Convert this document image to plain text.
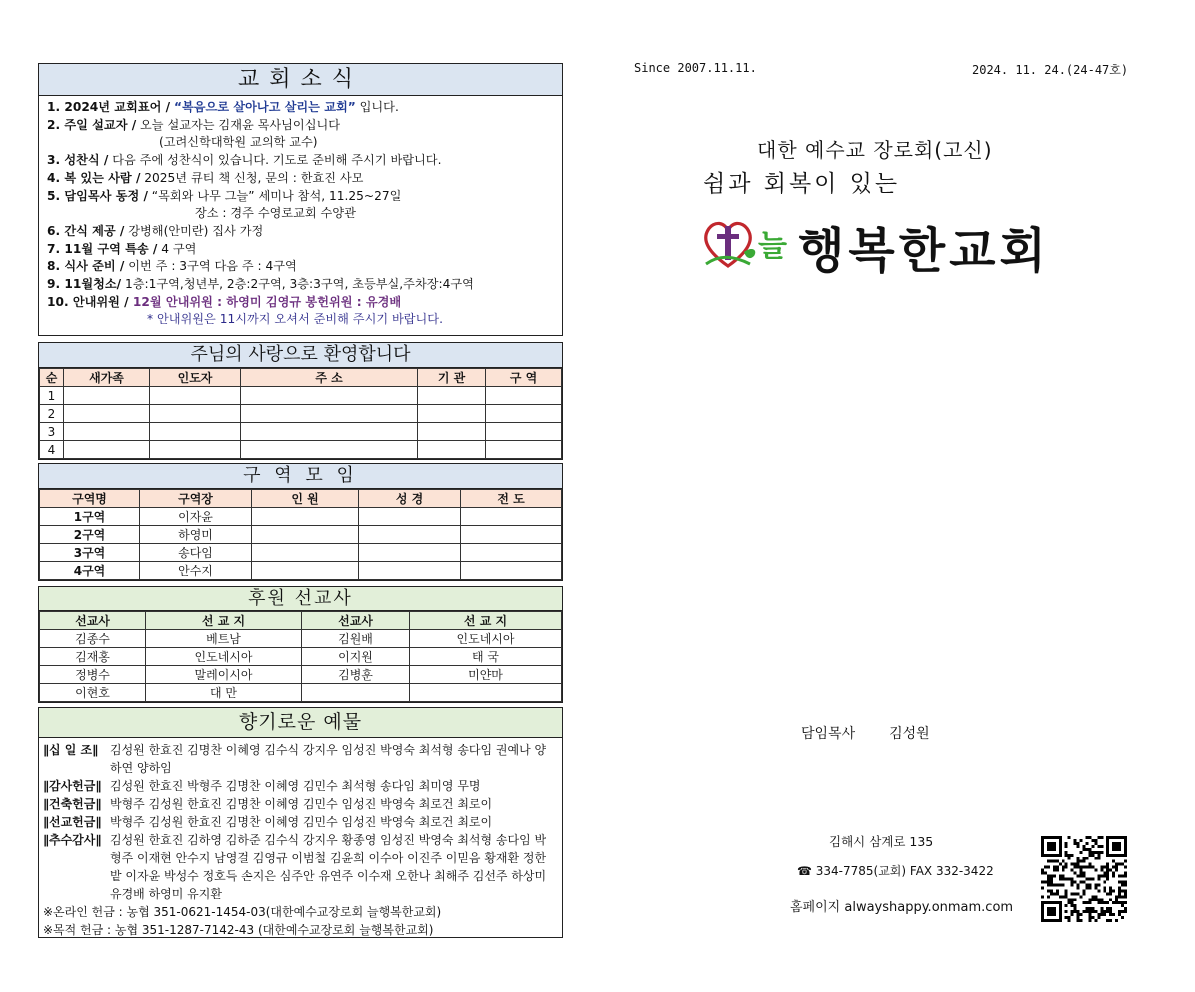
교회소식
1. 2024년 교회표어 / “복음으로 살아나고 살리는 교회” 입니다.
2. 주일 설교자 / 오늘 설교자는 김재윤 목사님이십니다
(고려신학대학원 교의학 교수)
3. 성찬식 / 다음 주에 성찬식이 있습니다. 기도로 준비해 주시기 바랍니다.
4. 복 있는 사람 / 2025년 큐티 책 신청, 문의 : 한효진 사모
5. 담임목사 동정 / “목회와 나무 그늘” 세미나 참석, 11.25~27일
장소 : 경주 수영로교회 수양관
6. 간식 제공 / 강병해(안미란) 집사 가정
7. 11월 구역 특송 / 4 구역
8. 식사 준비 / 이번 주 : 3구역 다음 주 : 4구역
9. 11월청소/ 1층:1구역,청년부, 2층:2구역, 3층:3구역, 초등부실,주차장:4구역
10. 안내위원 / 12월 안내위원 : 하영미 김영규 봉헌위원 : 유경배
* 안내위원은 11시까지 오셔서 준비해 주시기 바랍니다.
주님의 사랑으로 환영합니다
순	새가족	인도자	주 소	기 관	구 역
1					
2					
3					
4					
구 역 모 임
구역명	구역장	인 원	성 경	전 도
1구역	이자윤			
2구역	하영미			
3구역	송다임			
4구역	안수지			
후원 선교사
선교사	선 교 지	선교사	선 교 지
김종수	베트남	김원배	인도네시아
김재홍	인도네시아	이지원	태 국
정병수	말레이시아	김병훈	미얀마
이현호	대 만		
향기로운 예물
∥십 일 조∥ 김성원 한효진 김명찬 이혜영 김수식 강지우 임성진 박영숙 최석형 송다임 권예나 양하연 양하임
∥감사헌금∥ 김성원 한효진 박형주 김명찬 이혜영 김민수 최석형 송다임 최미영 무명
∥건축헌금∥ 박형주 김성원 한효진 김명찬 이혜영 김민수 임성진 박영숙 최로건 최로이
∥선교헌금∥ 박형주 김성원 한효진 김명찬 이혜영 김민수 임성진 박영숙 최로건 최로이
∥추수감사∥ 김성원 한효진 김하영 김하준 김수식 강지우 황종영 임성진 박영숙 최석형 송다임 박형주 이재현 안수지 남영걸 김영규 이범철 김윤희 이수아 이진주 이믿음 황재환 정한밭 이자윤 박성수 정호득 손지은 심주안 유연주 이수재 오한나 최해주 김선주 하상미 유경배 하영미 유지환
※온라인 헌금 : 농협 351-0621-1454-03(대한예수교장로회 늘행복한교회)
※목적 헌금 : 농협 351-1287-7142-43 (대한예수교장로회 늘행복한교회)
Since 2007.11.11.	2024. 11. 24.(24-47호)
대한 예수교 장로회(고신)
쉼과 회복이 있는
늘 행복한교회
담임목사 김성원
김해시 삼계로 135
☎ 334-7785(교회) FAX 332-3422
홈페이지 alwayshappy.onmam.com
